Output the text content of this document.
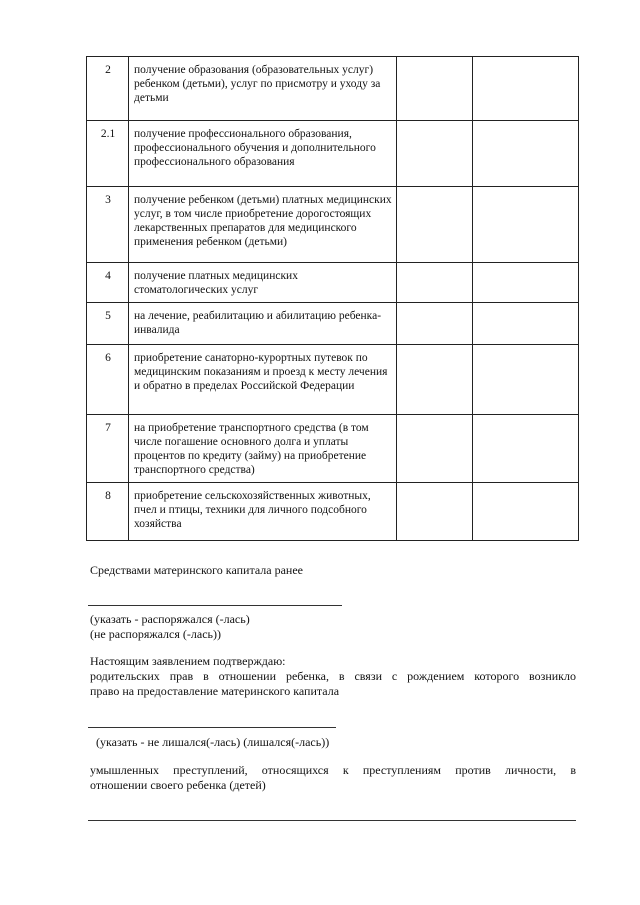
2	получение образования (образовательных услуг) ребенком (детьми), услуг по присмотру и уходу за детьми		
2.1	получение профессионального образования, профессионального обучения и дополнительного профессионального образования		
3	получение ребенком (детьми) платных медицинских услуг, в том числе приобретение дорогостоящих лекарственных препаратов для медицинского применения ребенком (детьми)		
4	получение платных медицинских стоматологических услуг		
5	на лечение, реабилитацию и абилитацию ребенка-инвалида		
6	приобретение санаторно-курортных путевок по медицинским показаниям и проезд к месту лечения и обратно в пределах Российской Федерации		
7	на приобретение транспортного средства (в том числе погашение основного долга и уплаты процентов по кредиту (займу) на приобретение транспортного средства)		
8	приобретение сельскохозяйственных животных, пчел и птицы, техники для личного подсобного хозяйства		
Средствами материнского капитала ранее
(указать - распоряжался (-лась)
(не распоряжался (-лась))
Настоящим заявлением подтверждаю:
родительских прав в отношении ребенка, в связи с рождением которого возникло
право на предоставление материнского капитала
(указать - не лишался(-лась) (лишался(-лась))
умышленных преступлений, относящихся к преступлениям против личности, в
отношении своего ребенка (детей)
